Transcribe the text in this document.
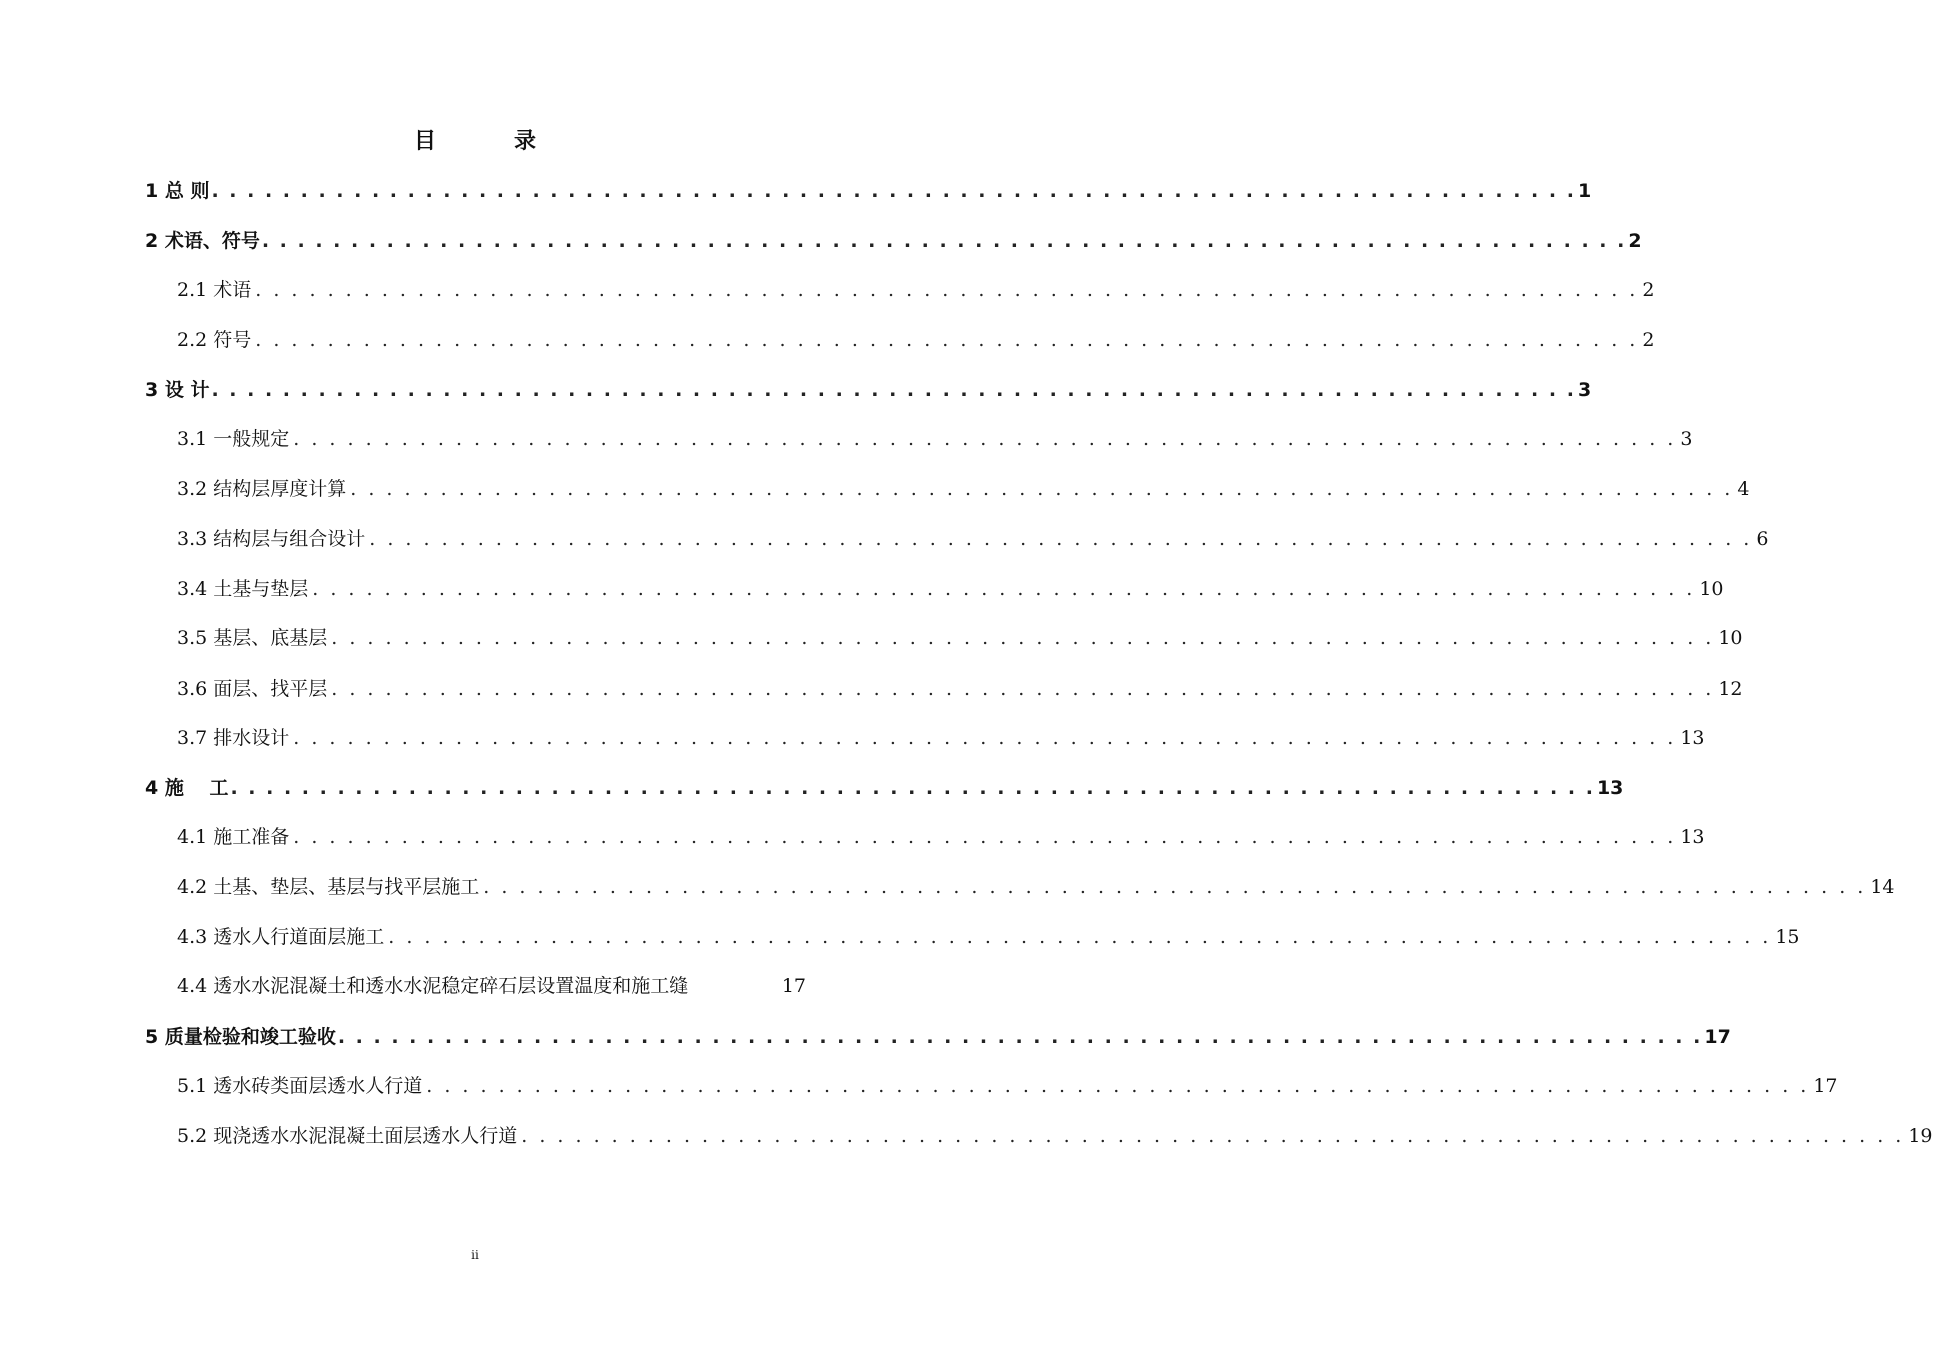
目　录
1 总 则 . . . . . . . . . . . . . . . . . . . . . . . . . . . . . . . . . . . . . . . . . . . . . . . . . . . . . . . . . . . . . . . . . . . . . . . . . . . . . 1
2 术语、符号 . . . . . . . . . . . . . . . . . . . . . . . . . . . . . . . . . . . . . . . . . . . . . . . . . . . . . . . . . . . . . . . . . . . . . . . . . . . . . 2
2.1 术语 . . . . . . . . . . . . . . . . . . . . . . . . . . . . . . . . . . . . . . . . . . . . . . . . . . . . . . . . . . . . . . . . . . . . . . . . . . . . . 2
2.2 符号 . . . . . . . . . . . . . . . . . . . . . . . . . . . . . . . . . . . . . . . . . . . . . . . . . . . . . . . . . . . . . . . . . . . . . . . . . . . . . 2
3 设 计 . . . . . . . . . . . . . . . . . . . . . . . . . . . . . . . . . . . . . . . . . . . . . . . . . . . . . . . . . . . . . . . . . . . . . . . . . . . . . 3
3.1 一般规定 . . . . . . . . . . . . . . . . . . . . . . . . . . . . . . . . . . . . . . . . . . . . . . . . . . . . . . . . . . . . . . . . . . . . . . . . . . . . . 3
3.2 结构层厚度计算 . . . . . . . . . . . . . . . . . . . . . . . . . . . . . . . . . . . . . . . . . . . . . . . . . . . . . . . . . . . . . . . . . . . . . . . . . . . . . 4
3.3 结构层与组合设计 . . . . . . . . . . . . . . . . . . . . . . . . . . . . . . . . . . . . . . . . . . . . . . . . . . . . . . . . . . . . . . . . . . . . . . . . . . . . . 6
3.4 土基与垫层 . . . . . . . . . . . . . . . . . . . . . . . . . . . . . . . . . . . . . . . . . . . . . . . . . . . . . . . . . . . . . . . . . . . . . . . . . . . . . 10
3.5 基层、底基层 . . . . . . . . . . . . . . . . . . . . . . . . . . . . . . . . . . . . . . . . . . . . . . . . . . . . . . . . . . . . . . . . . . . . . . . . . . . . . 10
3.6 面层、找平层 . . . . . . . . . . . . . . . . . . . . . . . . . . . . . . . . . . . . . . . . . . . . . . . . . . . . . . . . . . . . . . . . . . . . . . . . . . . . . 12
3.7 排水设计 . . . . . . . . . . . . . . . . . . . . . . . . . . . . . . . . . . . . . . . . . . . . . . . . . . . . . . . . . . . . . . . . . . . . . . . . . . . . . 13
4 施　 工 . . . . . . . . . . . . . . . . . . . . . . . . . . . . . . . . . . . . . . . . . . . . . . . . . . . . . . . . . . . . . . . . . . . . . . . . . . . . . 13
4.1 施工准备 . . . . . . . . . . . . . . . . . . . . . . . . . . . . . . . . . . . . . . . . . . . . . . . . . . . . . . . . . . . . . . . . . . . . . . . . . . . . . 13
4.2 土基、垫层、基层与找平层施工 . . . . . . . . . . . . . . . . . . . . . . . . . . . . . . . . . . . . . . . . . . . . . . . . . . . . . . . . . . . . . . . . . . . . . . . . . . . . . 14
4.3 透水人行道面层施工 . . . . . . . . . . . . . . . . . . . . . . . . . . . . . . . . . . . . . . . . . . . . . . . . . . . . . . . . . . . . . . . . . . . . . . . . . . . . . 15
4.4 透水水泥混凝土和透水水泥稳定碎石层设置温度和施工缝	17
5 质量检验和竣工验收 . . . . . . . . . . . . . . . . . . . . . . . . . . . . . . . . . . . . . . . . . . . . . . . . . . . . . . . . . . . . . . . . . . . . . . . . . . . . . 17
5.1 透水砖类面层透水人行道 . . . . . . . . . . . . . . . . . . . . . . . . . . . . . . . . . . . . . . . . . . . . . . . . . . . . . . . . . . . . . . . . . . . . . . . . . . . . . 17
5.2 现浇透水水泥混凝土面层透水人行道 . . . . . . . . . . . . . . . . . . . . . . . . . . . . . . . . . . . . . . . . . . . . . . . . . . . . . . . . . . . . . . . . . . . . . . . . . . . . . 19
ii
